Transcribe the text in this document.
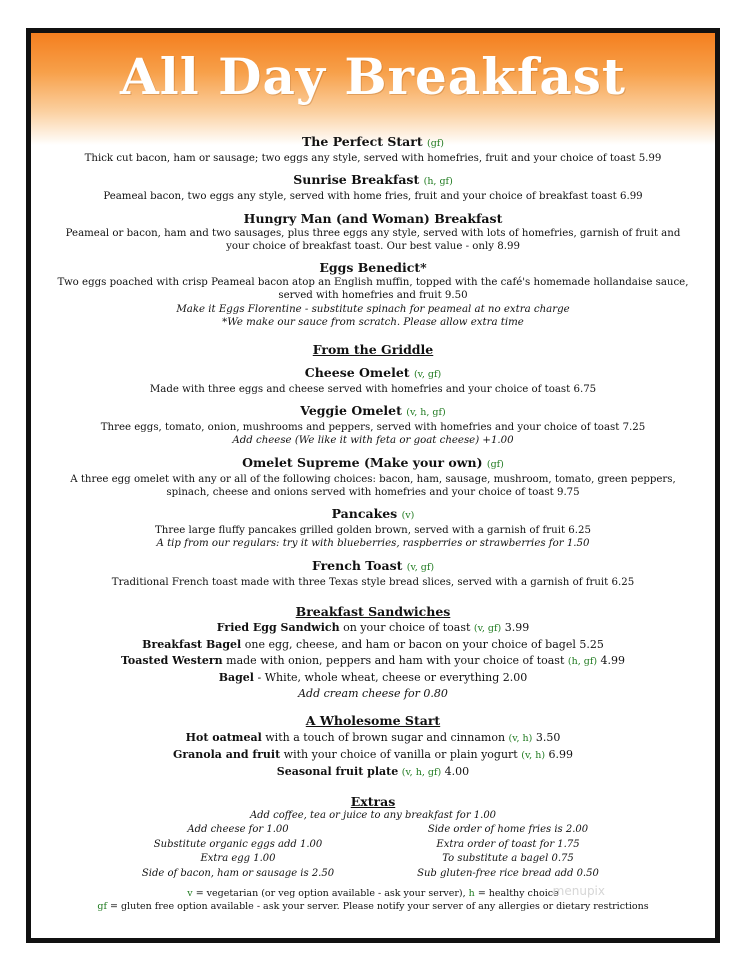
All Day Breakfast
The Perfect Start (gf)
Thick cut bacon, ham or sausage; two eggs any style, served with homefries, fruit and your choice of toast 5.99
Sunrise Breakfast (h, gf)
Peameal bacon, two eggs any style, served with home fries, fruit and your choice of breakfast toast 6.99
Hungry Man (and Woman) Breakfast
Peameal or bacon, ham and two sausages, plus three eggs any style, served with lots of homefries, garnish of fruit and
your choice of breakfast toast. Our best value - only 8.99
Eggs Benedict*
Two eggs poached with crisp Peameal bacon atop an English muffin, topped with the café's homemade hollandaise sauce,
served with homefries and fruit 9.50
Make it Eggs Florentine - substitute spinach for peameal at no extra charge
*We make our sauce from scratch. Please allow extra time
From the Griddle
Cheese Omelet (v, gf)
Made with three eggs and cheese served with homefries and your choice of toast 6.75
Veggie Omelet (v, h, gf)
Three eggs, tomato, onion, mushrooms and peppers, served with homefries and your choice of toast 7.25
Add cheese (We like it with feta or goat cheese) +1.00
Omelet Supreme (Make your own) (gf)
A three egg omelet with any or all of the following choices: bacon, ham, sausage, mushroom, tomato, green peppers,
spinach, cheese and onions served with homefries and your choice of toast 9.75
Pancakes (v)
Three large fluffy pancakes grilled golden brown, served with a garnish of fruit 6.25
A tip from our regulars: try it with blueberries, raspberries or strawberries for 1.50
French Toast (v, gf)
Traditional French toast made with three Texas style bread slices, served with a garnish of fruit 6.25
Breakfast Sandwiches
Fried Egg Sandwich on your choice of toast (v, gf) 3.99
Breakfast Bagel one egg, cheese, and ham or bacon on your choice of bagel 5.25
Toasted Western made with onion, peppers and ham with your choice of toast (h, gf) 4.99
Bagel - White, whole wheat, cheese or everything 2.00
Add cream cheese for 0.80
A Wholesome Start
Hot oatmeal with a touch of brown sugar and cinnamon (v, h) 3.50
Granola and fruit with your choice of vanilla or plain yogurt (v, h) 6.99
Seasonal fruit plate (v, h, gf) 4.00
Extras
Add coffee, tea or juice to any breakfast for 1.00
Add cheese for 1.00
Substitute organic eggs add 1.00
Extra egg 1.00
Side of bacon, ham or sausage is 2.50
Side order of home fries is 2.00
Extra order of toast for 1.75
To substitute a bagel 0.75
Sub gluten-free rice bread add 0.50
v = vegetarian (or veg option available - ask your server), h = healthy choice
gf = gluten free option available - ask your server. Please notify your server of any allergies or dietary restrictions
menupix
